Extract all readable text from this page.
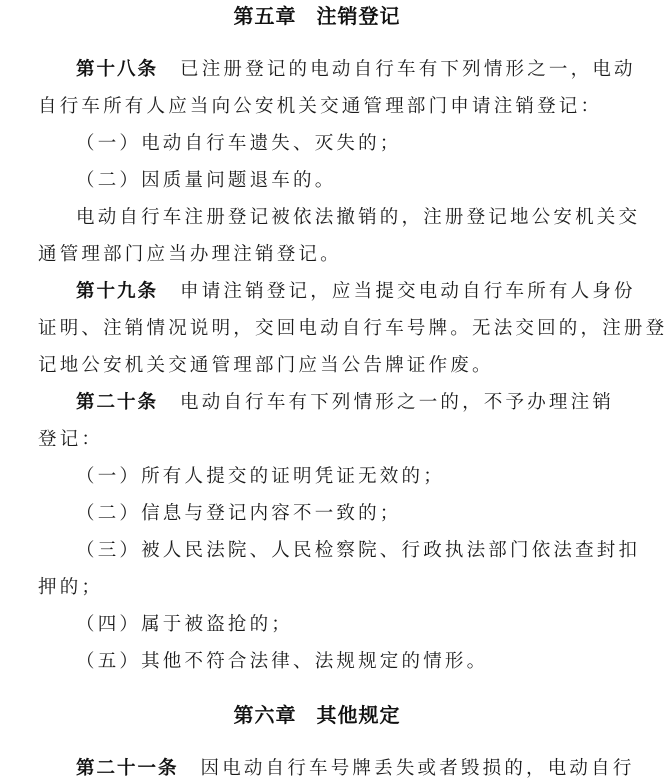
第五章 注销登记
第十八条 已注册登记的电动自行车有下列情形之一，电动
自行车所有人应当向公安机关交通管理部门申请注销登记：
（一）电动自行车遗失、灭失的；
（二）因质量问题退车的。
电动自行车注册登记被依法撤销的，注册登记地公安机关交
通管理部门应当办理注销登记。
第十九条 申请注销登记，应当提交电动自行车所有人身份
证明、注销情况说明，交回电动自行车号牌。无法交回的，注册登
记地公安机关交通管理部门应当公告牌证作废。
第二十条 电动自行车有下列情形之一的，不予办理注销
登记：
（一）所有人提交的证明凭证无效的；
（二）信息与登记内容不一致的；
（三）被人民法院、人民检察院、行政执法部门依法查封扣
押的；
（四）属于被盗抢的；
（五）其他不符合法律、法规规定的情形。
第六章 其他规定
第二十一条 因电动自行车号牌丢失或者毁损的，电动自行
